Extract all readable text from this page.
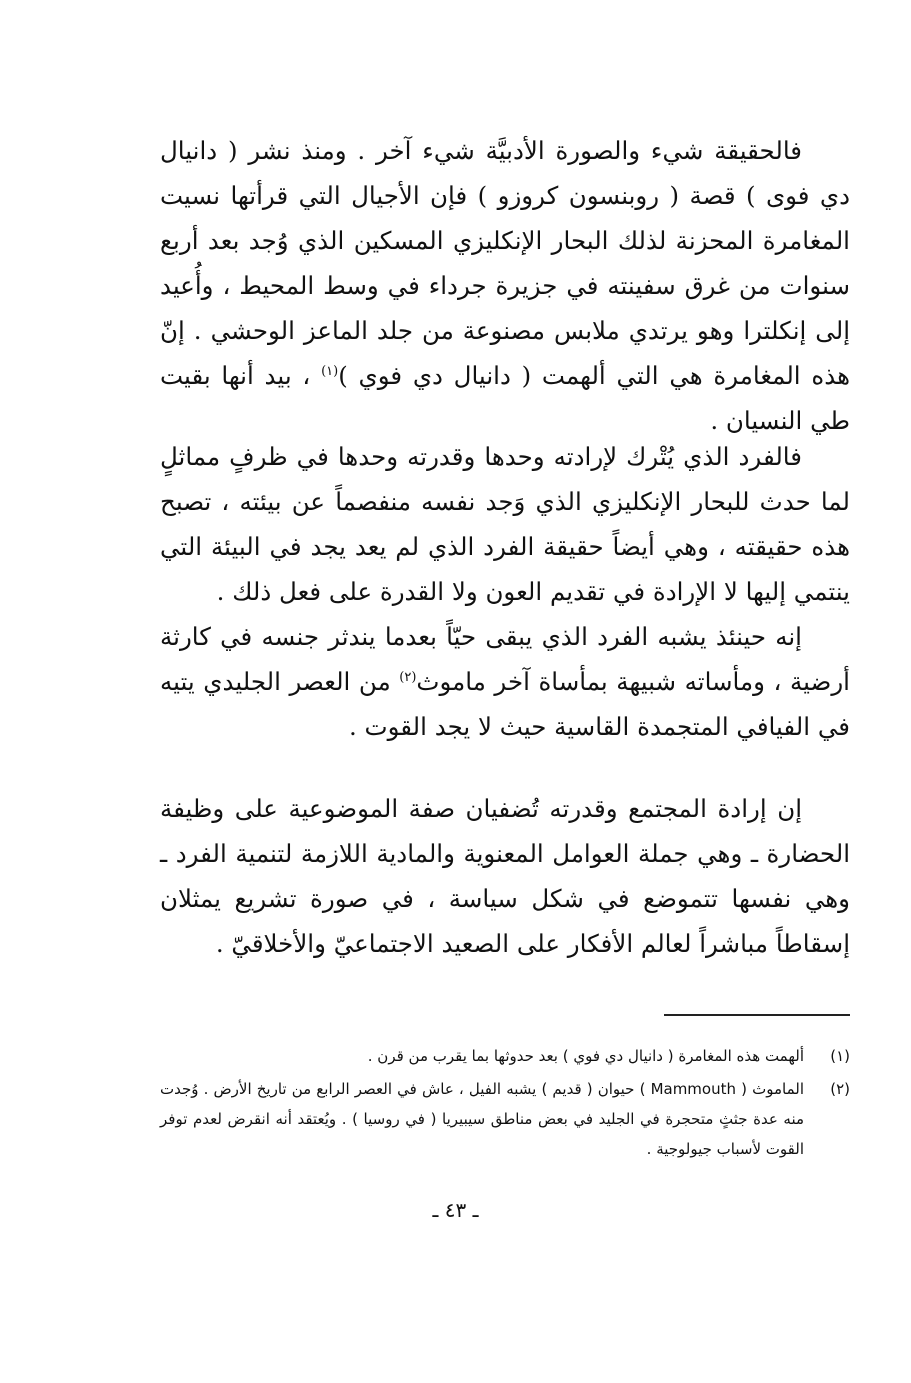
فالحقيقة شيء والصورة الأدبيَّة شيء آخر . ومنذ نشر ( دانيال دي فوى ) قصة ( روبنسون كروزو ) فإن الأجيال التي قرأتها نسيت المغامرة المحزنة لذلك البحار الإنكليزي المسكين الذي وُجد بعد أربع سنوات من غرق سفينته في جزيرة جرداء في وسط المحيط ، وأُعيد إلى إنكلترا وهو يرتدي ملابس مصنوعة من جلد الماعز الوحشي . إنّ هذه المغامرة هي التي ألهمت ( دانيال دي فوي )$^{(١)}$ ، بيد أنها بقيت طي النسيان .

فالفرد الذي يُتْرك لإرادته وحدها وقدرته وحدها في ظرفٍ مماثلٍ لما حدث للبحار الإنكليزي الذي وَجد نفسه منفصماً عن بيئته ، تصبح هذه حقيقته ، وهي أيضاً حقيقة الفرد الذي لم يعد يجد في البيئة التي ينتمي إليها لا الإرادة في تقديم العون ولا القدرة على فعل ذلك .

إنه حينئذ يشبه الفرد الذي يبقى حيّاً بعدما يندثر جنسه في كارثة أرضية ، ومأساته شبيهة بمأساة آخر ماموث$^{(٢)}$ من العصر الجليدي يتيه في الفيافي المتجمدة القاسية حيث لا يجد القوت .

إن إرادة المجتمع وقدرته تُضفيان صفة الموضوعية على وظيفة الحضارة ـ وهي جملة العوامل المعنوية والمادية اللازمة لتنمية الفرد ـ وهي نفسها تتموضع في شكل سياسة ، في صورة تشريع يمثلان إسقاطاً مباشراً لعالم الأفكار على الصعيد الاجتماعيّ والأخلاقيّ .

(١)
ألهمت هذه المغامرة ( دانيال دي فوي ) بعد حدوثها بما يقرب من قرن .
(٢)
الماموث ( Mammouth ) حيوان ( قديم ) يشبه الفيل ، عاش في العصر الرابع من تاريخ الأرض . وُجدت منه عدة جثثٍ متحجرة في الجليد في بعض مناطق سيبيريا ( في روسيا ) . ويُعتقد أنه انقرض لعدم توفر القوت لأسباب جيولوجية .
ـ ٤٣ ـ
